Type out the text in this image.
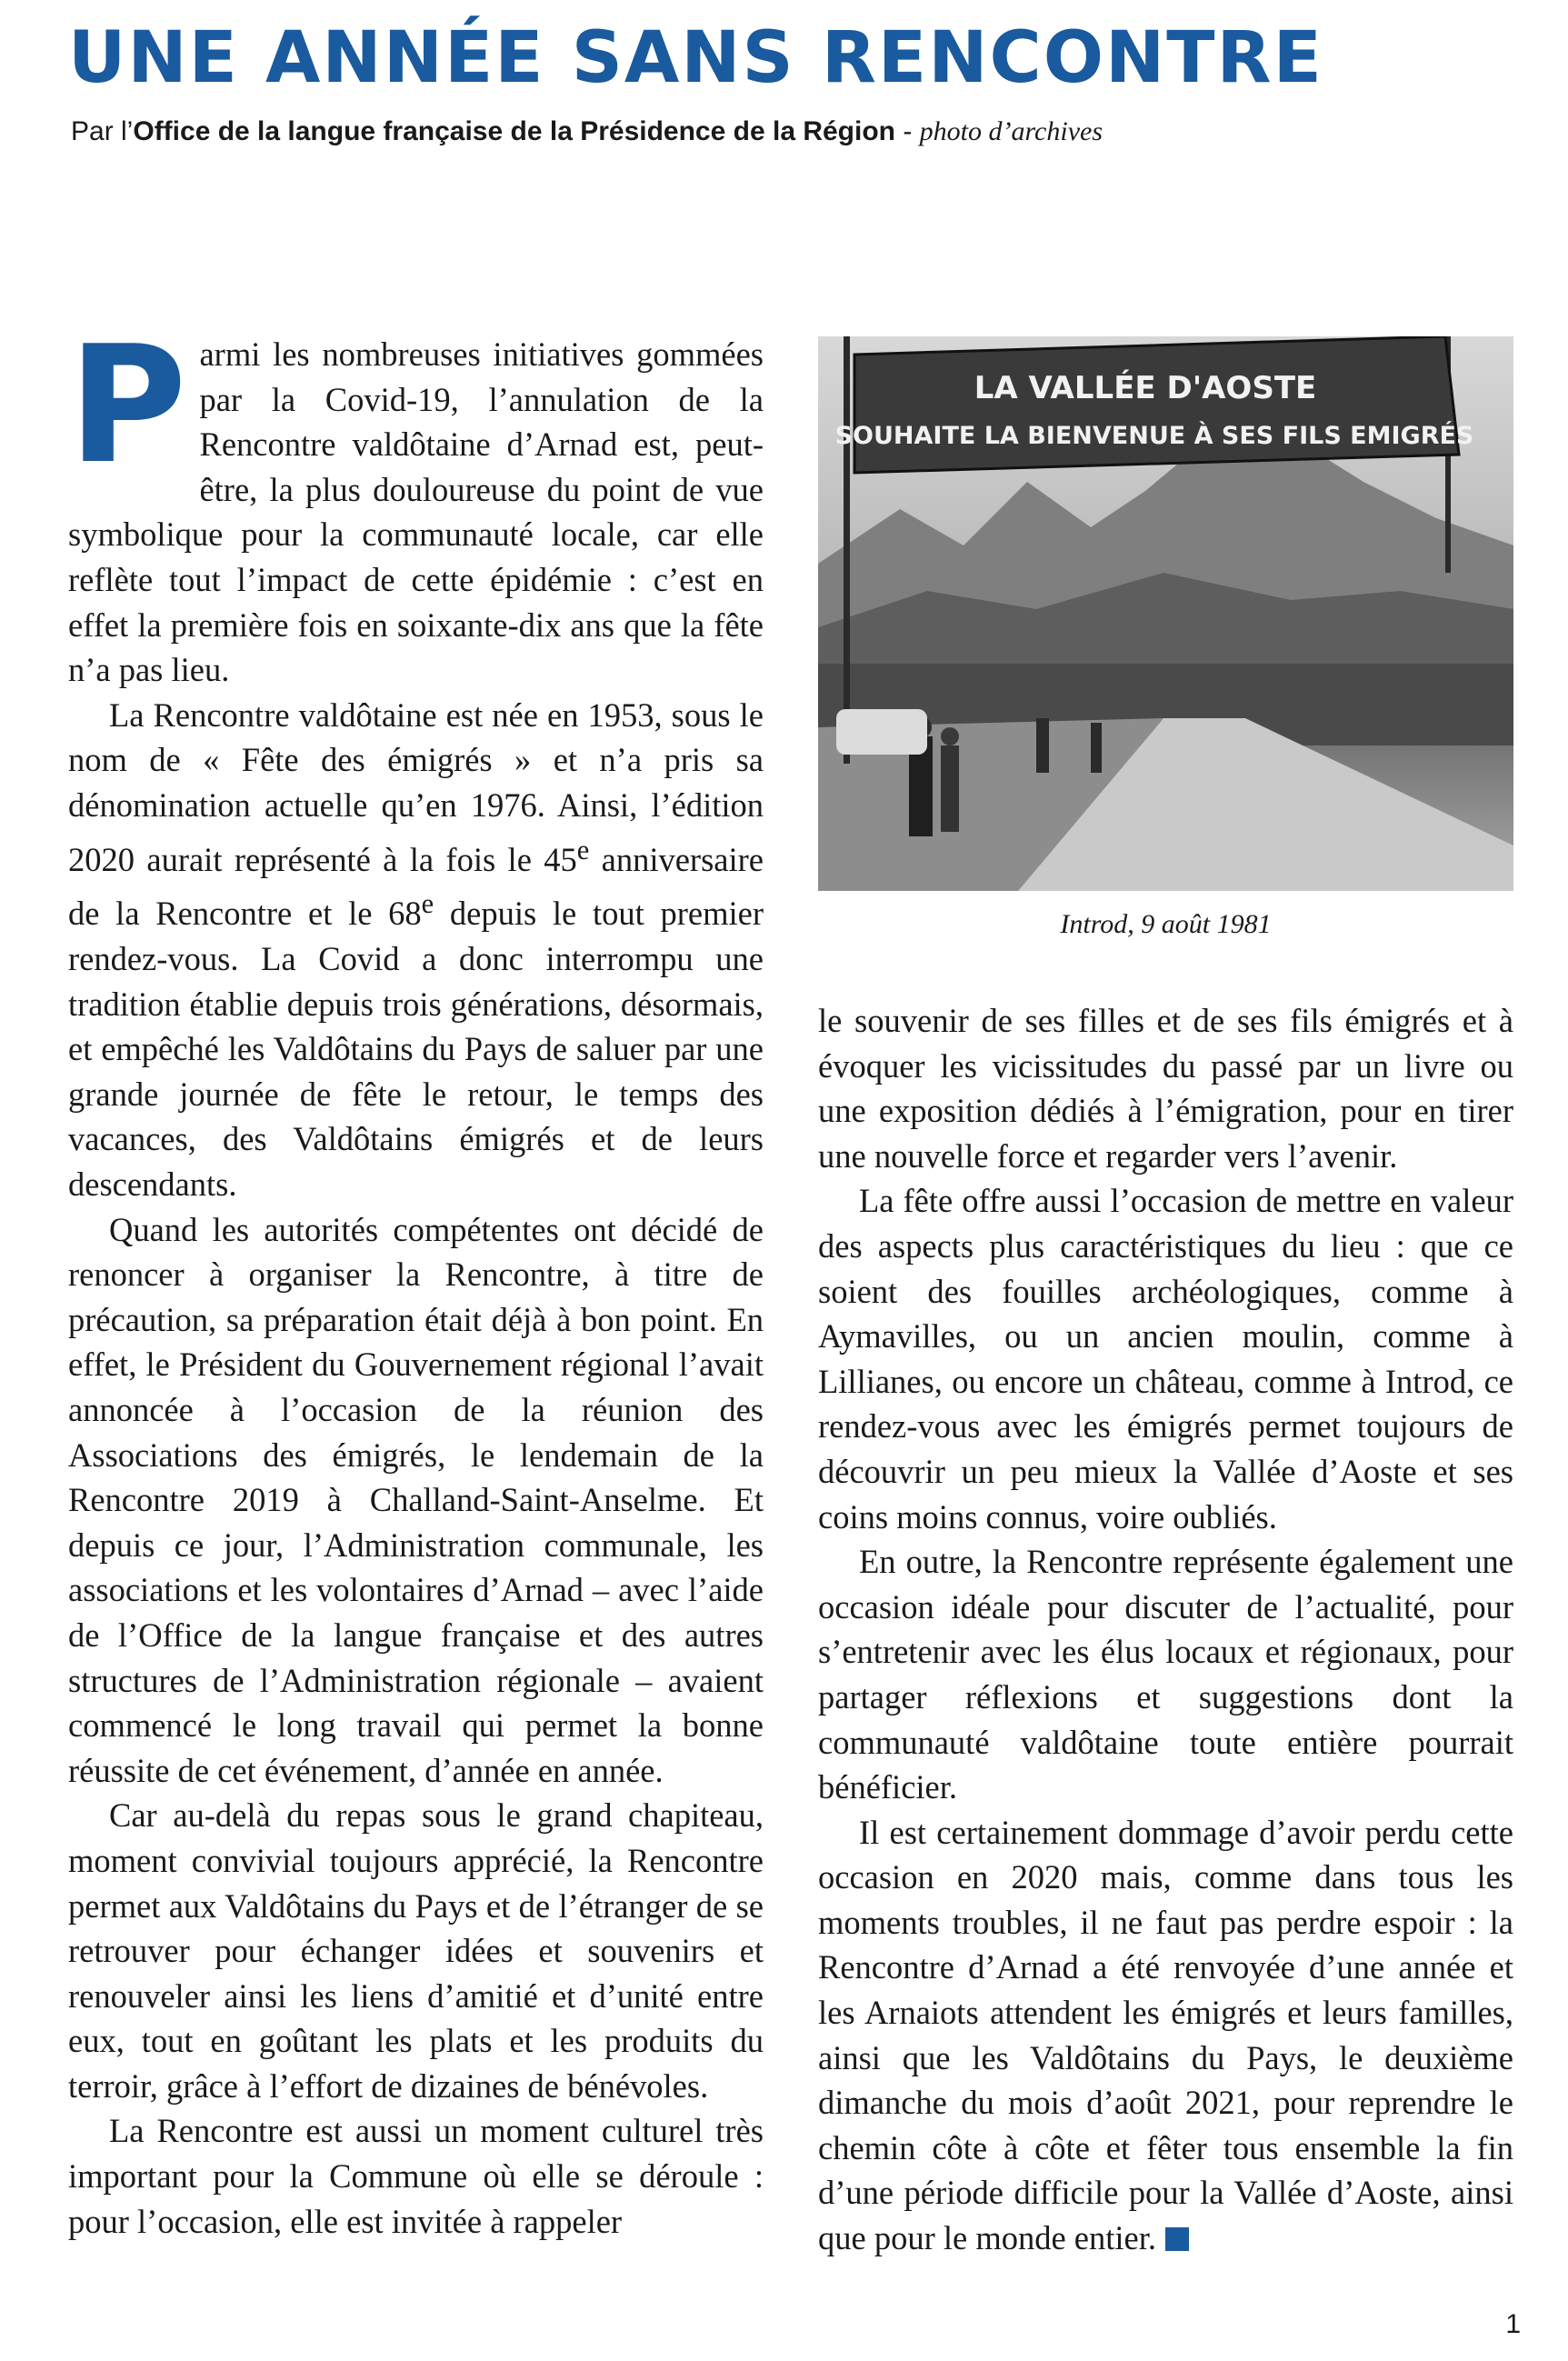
UNE ANNÉE SANS RENCONTRE
Par l’Office de la langue française de la Présidence de la Région - photo d’archives

Parmi les nombreuses initiatives gommées par la Covid-19, l’annulation de la Rencontre valdôtaine d’Arnad est, peut-être, la plus douloureuse du point de vue symbolique pour la communauté locale, car elle reflète tout l’impact de cette épidémie : c’est en effet la première fois en soixante-dix ans que la fête n’a pas lieu.

La Rencontre valdôtaine est née en 1953, sous le nom de « Fête des émigrés » et n’a pris sa dénomination actuelle qu’en 1976. Ainsi, l’édition 2020 aurait représenté à la fois le 45e anniversaire de la Rencontre et le 68e depuis le tout premier rendez-vous. La Covid a donc interrompu une tradition établie depuis trois générations, désormais, et empêché les Valdôtains du Pays de saluer par une grande journée de fête le retour, le temps des vacances, des Valdôtains émigrés et de leurs descendants.

Quand les autorités compétentes ont décidé de renoncer à organiser la Rencontre, à titre de précaution, sa préparation était déjà à bon point. En effet, le Président du Gouvernement régional l’avait annoncée à l’occasion de la réunion des Associations des émigrés, le lendemain de la Rencontre 2019 à Challand-Saint-Anselme. Et depuis ce jour, l’Administration communale, les associations et les volontaires d’Arnad – avec l’aide de l’Office de la langue française et des autres structures de l’Administration régionale – avaient commencé le long travail qui permet la bonne réussite de cet événement, d’année en année.

Car au-delà du repas sous le grand chapiteau, moment convivial toujours apprécié, la Rencontre permet aux Valdôtains du Pays et de l’étranger de se retrouver pour échanger idées et souvenirs et renouveler ainsi les liens d’amitié et d’unité entre eux, tout en goûtant les plats et les produits du terroir, grâce à l’effort de dizaines de bénévoles.

La Rencontre est aussi un moment culturel très important pour la Commune où elle se déroule : pour l’occasion, elle est invitée à rappeler

LA VALLÉE D'AOSTE
SOUHAITE LA BIENVENUE À SES FILS EMIGRÉS
Introd, 9 août 1981

le souvenir de ses filles et de ses fils émigrés et à évoquer les vicissitudes du passé par un livre ou une exposition dédiés à l’émigration, pour en tirer une nouvelle force et regarder vers l’avenir.

La fête offre aussi l’occasion de mettre en valeur des aspects plus caractéristiques du lieu : que ce soient des fouilles archéologiques, comme à Aymavilles, ou un ancien moulin, comme à Lillianes, ou encore un château, comme à Introd, ce rendez-vous avec les émigrés permet toujours de découvrir un peu mieux la Vallée d’Aoste et ses coins moins connus, voire oubliés.

En outre, la Rencontre représente également une occasion idéale pour discuter de l’actualité, pour s’entretenir avec les élus locaux et régionaux, pour partager réflexions et suggestions dont la communauté valdôtaine toute entière pourrait bénéficier.

Il est certainement dommage d’avoir perdu cette occasion en 2020 mais, comme dans tous les moments troubles, il ne faut pas perdre espoir : la Rencontre d’Arnad a été renvoyée d’une année et les Arnaiots attendent les émigrés et leurs familles, ainsi que les Valdôtains du Pays, le deuxième dimanche du mois d’août 2021, pour reprendre le chemin côte à côte et fêter tous ensemble la fin d’une période difficile pour la Vallée d’Aoste, ainsi que pour le monde entier.

1
